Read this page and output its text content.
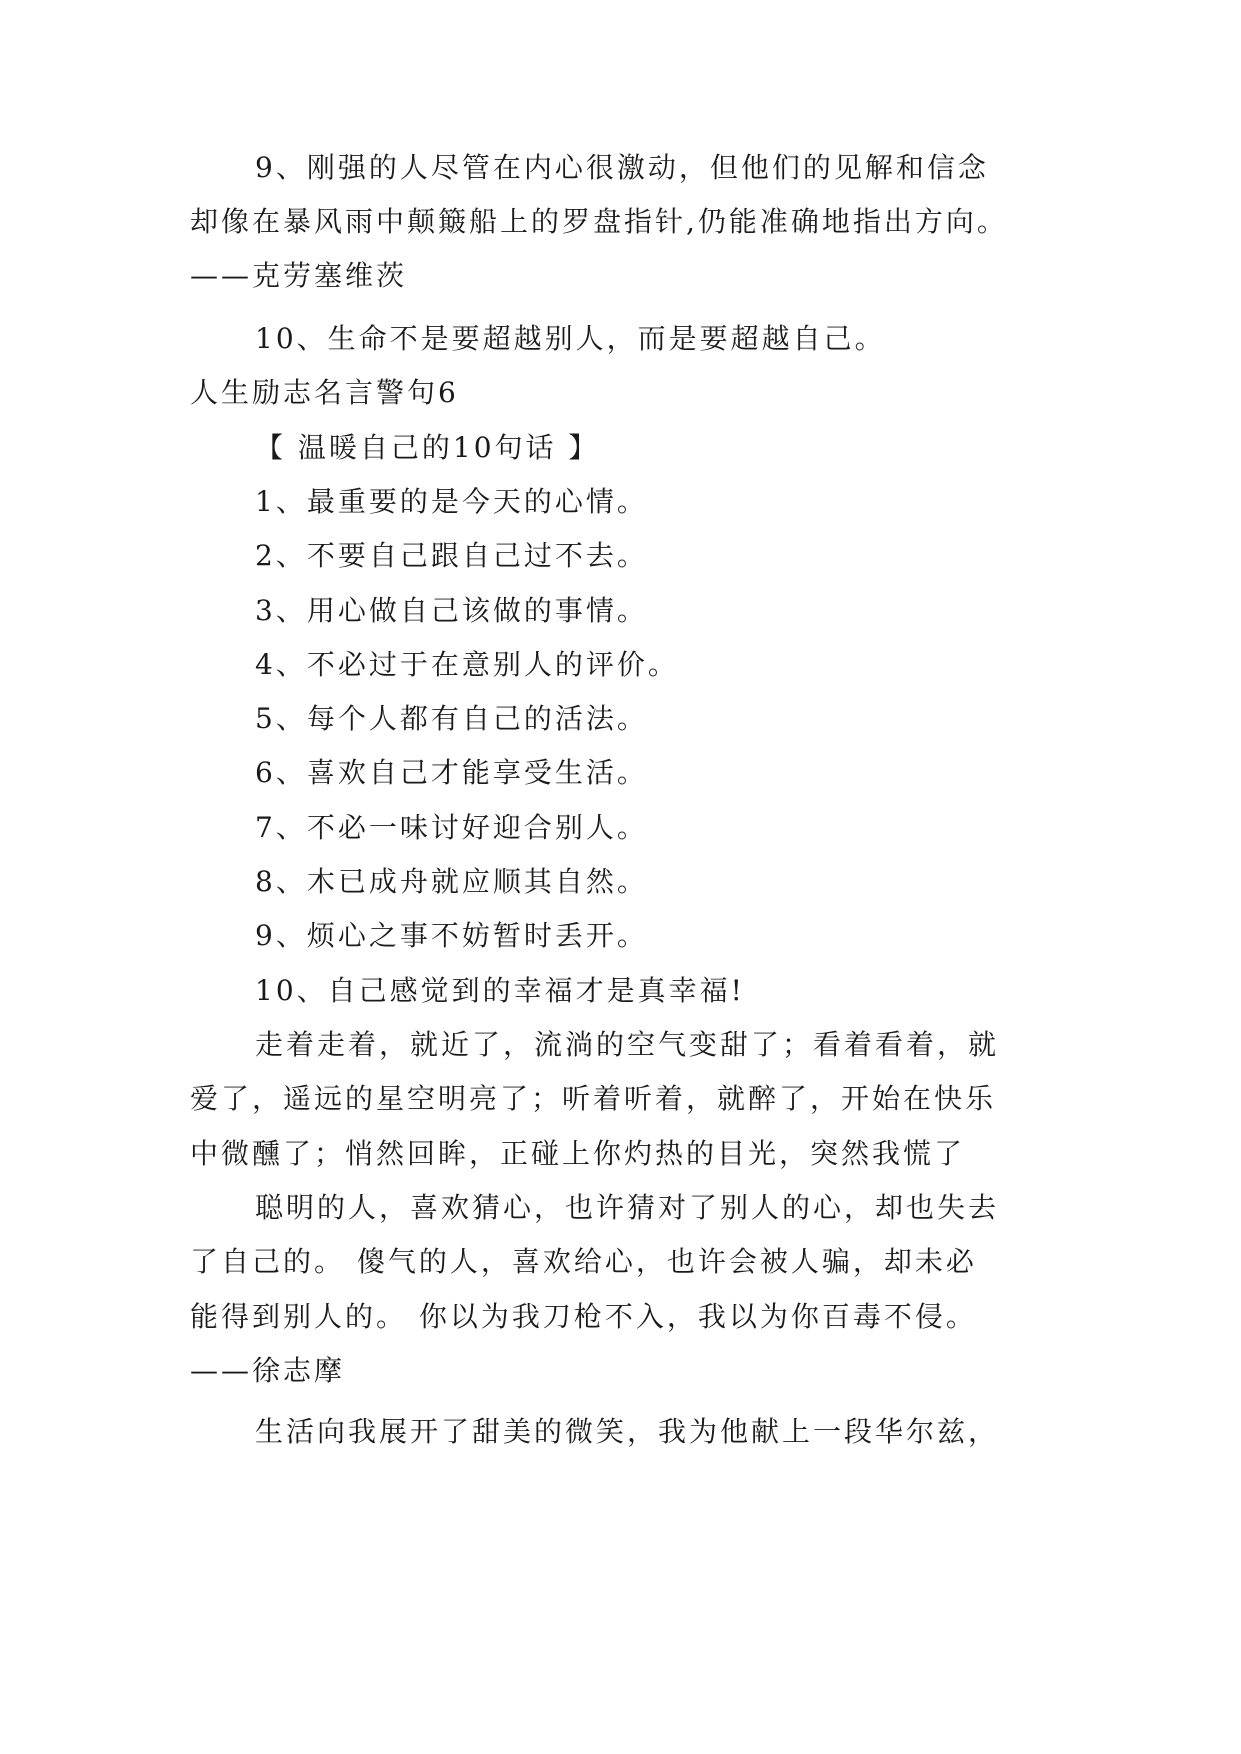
9、刚强的人尽管在内心很激动，但他们的见解和信念
却像在暴风雨中颠簸船上的罗盘指针,仍能准确地指出方向。
——克劳塞维茨
10、生命不是要超越别人，而是要超越自己。
人生励志名言警句6
【 温暖自己的10句话 】
1、最重要的是今天的心情。
2、不要自己跟自己过不去。
3、用心做自己该做的事情。
4、不必过于在意别人的评价。
5、每个人都有自己的活法。
6、喜欢自己才能享受生活。
7、不必一味讨好迎合别人。
8、木已成舟就应顺其自然。
9、烦心之事不妨暂时丢开。
10、自己感觉到的幸福才是真幸福!
走着走着，就近了，流淌的空气变甜了；看着看着，就
爱了，遥远的星空明亮了；听着听着，就醉了，开始在快乐
中微醺了；悄然回眸，正碰上你灼热的目光，突然我慌了
聪明的人，喜欢猜心，也许猜对了别人的心，却也失去
了自己的。 傻气的人，喜欢给心，也许会被人骗，却未必
能得到别人的。 你以为我刀枪不入，我以为你百毒不侵。
——徐志摩
生活向我展开了甜美的微笑，我为他献上一段华尔兹，
